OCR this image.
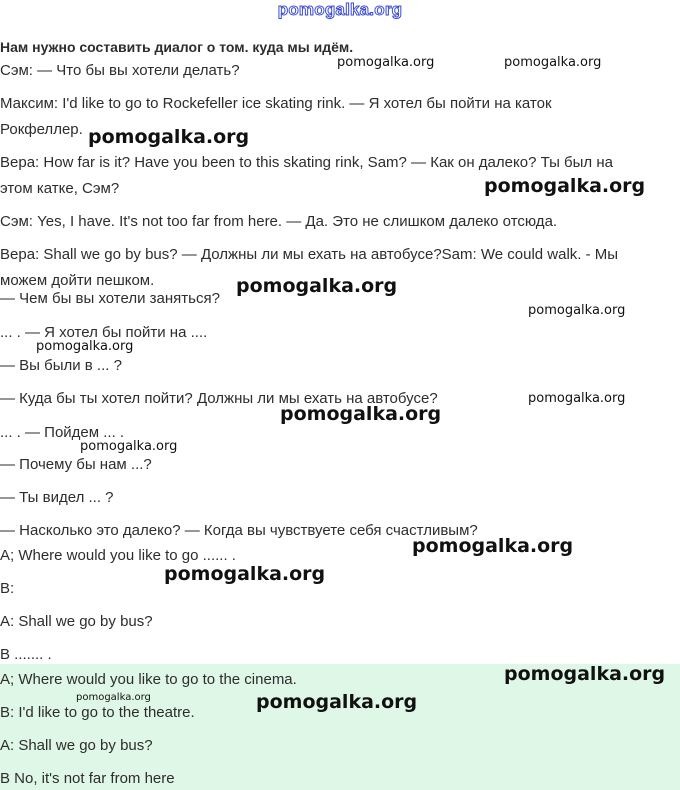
pomogalka.org
Нам нужно составить диалог о том. куда мы идём.
Сэм: — Что бы вы хотели делать?
Максим: I'd like to go to Rockefeller ice skating rink. — Я хотел бы пойти на каток
Рокфеллер.
Вера: How far is it? Have you been to this skating rink, Sam? — Как он далеко? Ты был на
этом катке, Сэм?
Сэм: Yes, I have. It's not too far from here. — Да. Это не слишком далеко отсюда.
Вера: Shall we go by bus? — Должны ли мы ехать на автобусе?Sam: We could walk. - Мы
можем дойти пешком.
— Чем бы вы хотели заняться?
... . — Я хотел бы пойти на ....
— Вы были в ... ?
— Куда бы ты хотел пойти? Должны ли мы ехать на автобусе?
... . — Пойдем ... .
— Почему бы нам ...?
— Ты видел ... ?
— Насколько это далеко? — Когда вы чувствуете себя счастливым?
A; Where would you like to go ...... .
B:
A: Shall we go by bus?
B ....... .
A; Where would you like to go to the cinema.
B: I'd like to go to the theatre.
A: Shall we go by bus?
B No, it's not far from here
pomogalka.org	pomogalka.org
pomogalka.org
pomogalka.org
pomogalka.org
pomogalka.org
pomogalka.org
pomogalka.org
pomogalka.org
pomogalka.org
pomogalka.org
pomogalka.org
pomogalka.org
pomogalka.org	pomogalka.org
